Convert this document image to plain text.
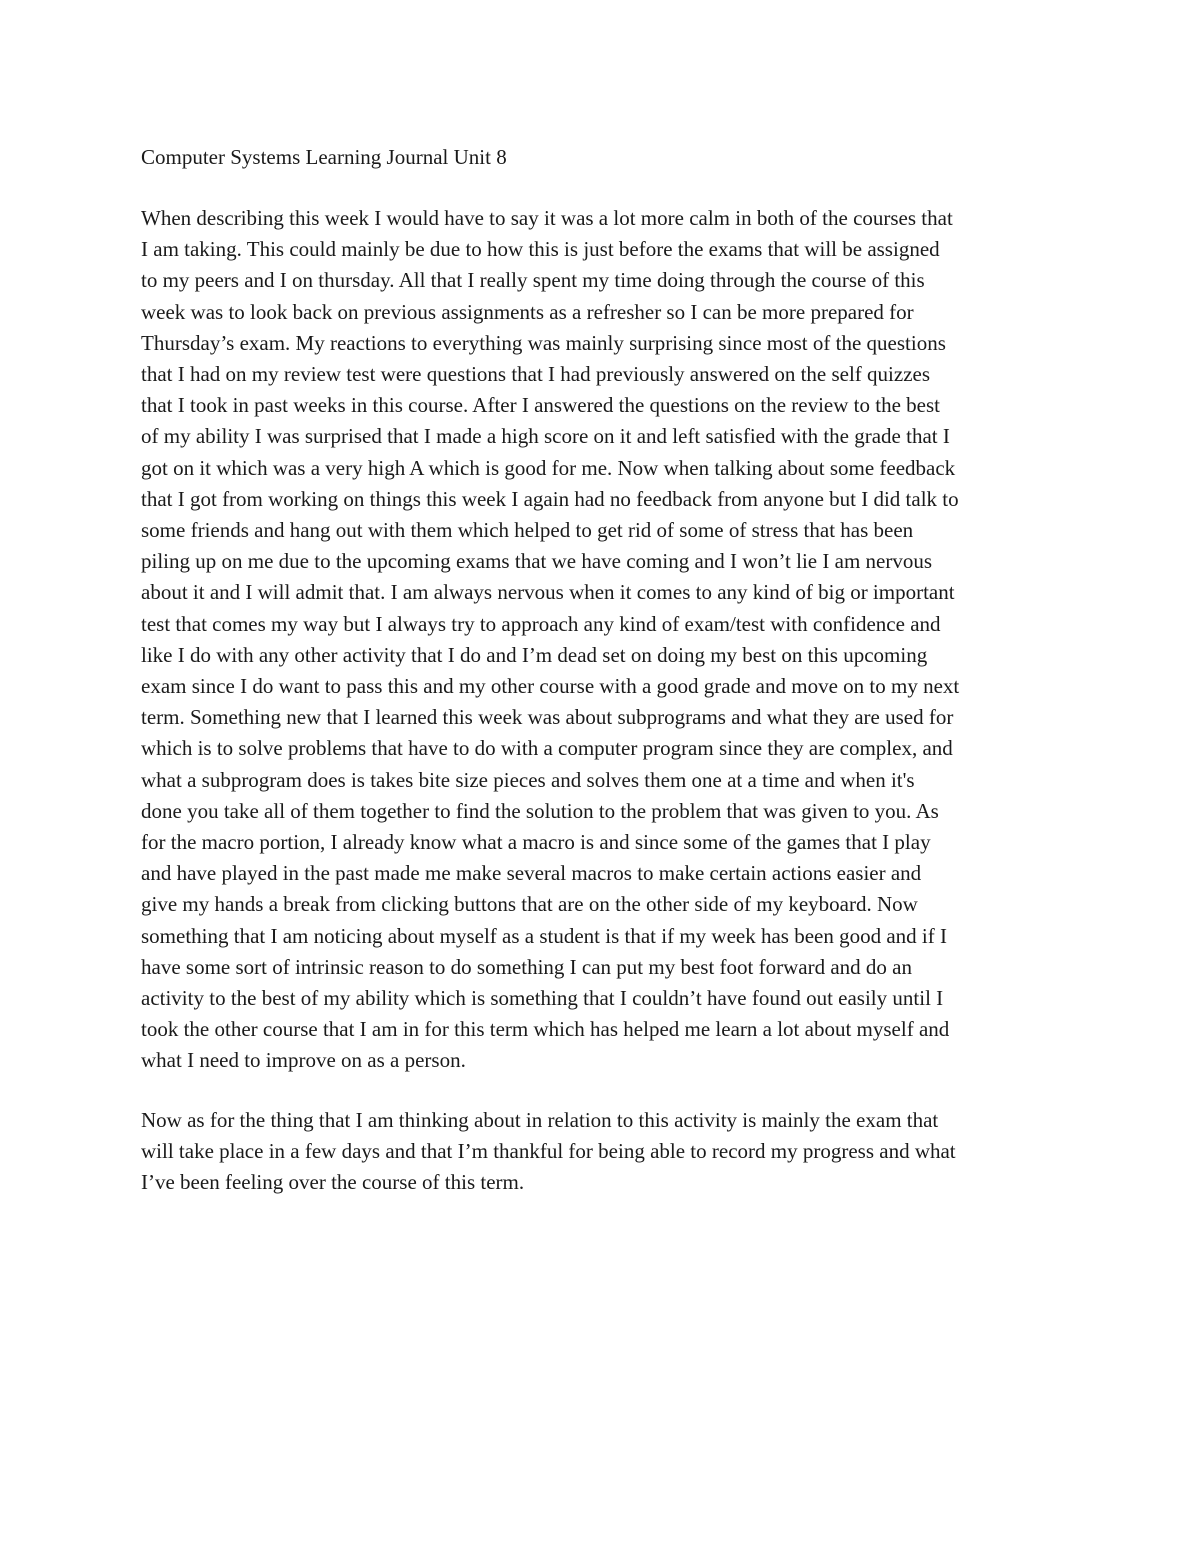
Computer Systems Learning Journal Unit 8
When describing this week I would have to say it was a lot more calm in both of the courses that
I am taking. This could mainly be due to how this is just before the exams that will be assigned
to my peers and I on thursday. All that I really spent my time doing through the course of this
week was to look back on previous assignments as a refresher so I can be more prepared for
Thursday’s exam. My reactions to everything was mainly surprising since most of the questions
that I had on my review test were questions that I had previously answered on the self quizzes
that I took in past weeks in this course. After I answered the questions on the review to the best
of my ability I was surprised that I made a high score on it and left satisfied with the grade that I
got on it which was a very high A which is good for me. Now when talking about some feedback
that I got from working on things this week I again had no feedback from anyone but I did talk to
some friends and hang out with them which helped to get rid of some of stress that has been
piling up on me due to the upcoming exams that we have coming and I won’t lie I am nervous
about it and I will admit that. I am always nervous when it comes to any kind of big or important
test that comes my way but I always try to approach any kind of exam/test with confidence and
like I do with any other activity that I do and I’m dead set on doing my best on this upcoming
exam since I do want to pass this and my other course with a good grade and move on to my next
term. Something new that I learned this week was about subprograms and what they are used for
which is to solve problems that have to do with a computer program since they are complex, and
what a subprogram does is takes bite size pieces and solves them one at a time and when it's
done you take all of them together to find the solution to the problem that was given to you. As
for the macro portion, I already know what a macro is and since some of the games that I play
and have played in the past made me make several macros to make certain actions easier and
give my hands a break from clicking buttons that are on the other side of my keyboard. Now
something that I am noticing about myself as a student is that if my week has been good and if I
have some sort of intrinsic reason to do something I can put my best foot forward and do an
activity to the best of my ability which is something that I couldn’t have found out easily until I
took the other course that I am in for this term which has helped me learn a lot about myself and
what I need to improve on as a person.
Now as for the thing that I am thinking about in relation to this activity is mainly the exam that
will take place in a few days and that I’m thankful for being able to record my progress and what
I’ve been feeling over the course of this term.
